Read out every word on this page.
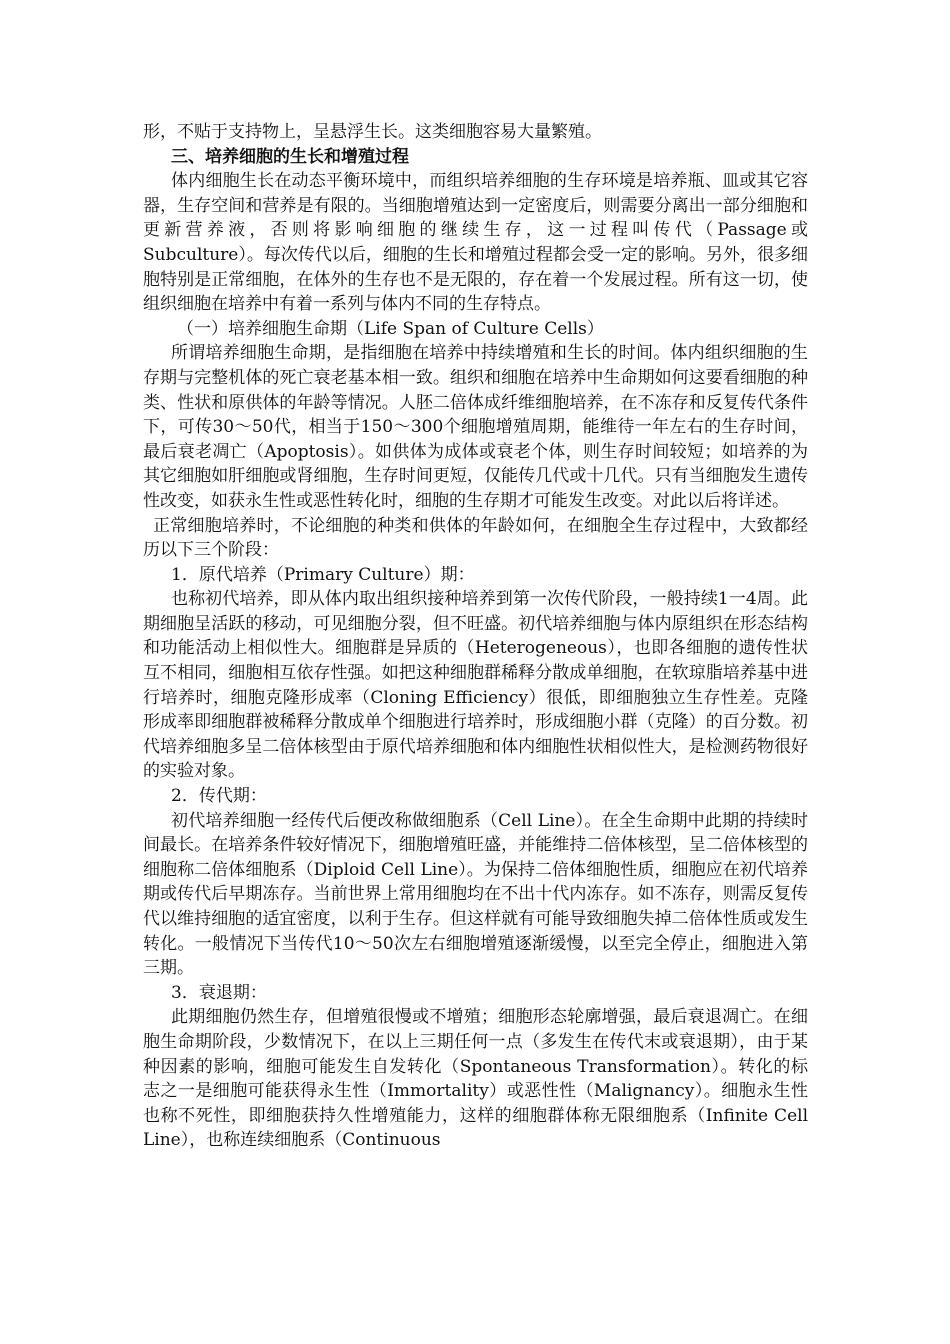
形，不贴于支持物上，呈悬浮生长。这类细胞容易大量繁殖。

三、培养细胞的生长和增殖过程

体内细胞生长在动态平衡环境中，而组织培养细胞的生存环境是培养瓶、皿或其它容器，生存空间和营养是有限的。当细胞增殖达到一定密度后，则需要分离出一部分细胞和更新营养液，否则将影响细胞的继续生存，这一过程叫传代（Passage或Subculture）。每次传代以后，细胞的生长和增殖过程都会受一定的影响。另外，很多细胞特别是正常细胞，在体外的生存也不是无限的，存在着一个发展过程。所有这一切，使组织细胞在培养中有着一系列与体内不同的生存特点。

（一）培养细胞生命期（Life Span of Culture Cells）

所谓培养细胞生命期，是指细胞在培养中持续增殖和生长的时间。体内组织细胞的生存期与完整机体的死亡衰老基本相一致。组织和细胞在培养中生命期如何这要看细胞的种类、性状和原供体的年龄等情况。人胚二倍体成纤维细胞培养，在不冻存和反复传代条件下，可传30～50代，相当于150～300个细胞增殖周期，能维待一年左右的生存时间，最后衰老凋亡（Apoptosis）。如供体为成体或衰老个体，则生存时间较短；如培养的为其它细胞如肝细胞或肾细胞，生存时间更短，仅能传几代或十几代。只有当细胞发生遗传性改变，如获永生性或恶性转化时，细胞的生存期才可能发生改变。对此以后将详述。

正常细胞培养时，不论细胞的种类和供体的年龄如何，在细胞全生存过程中，大致都经历以下三个阶段：

1．原代培养（Primary Culture）期：

也称初代培养，即从体内取出组织接种培养到第一次传代阶段，一般持续1一4周。此期细胞呈活跃的移动，可见细胞分裂，但不旺盛。初代培养细胞与体内原组织在形态结构和功能活动上相似性大。细胞群是异质的（Heterogeneous），也即各细胞的遗传性状互不相同，细胞相互依存性强。如把这种细胞群稀释分散成单细胞，在软琼脂培养基中进行培养时，细胞克隆形成率（Cloning Efficiency）很低，即细胞独立生存性差。克隆形成率即细胞群被稀释分散成单个细胞进行培养时，形成细胞小群（克隆）的百分数。初代培养细胞多呈二倍体核型由于原代培养细胞和体内细胞性状相似性大，是检测药物很好的实验对象。

2．传代期：

初代培养细胞一经传代后便改称做细胞系（Cell Line）。在全生命期中此期的持续时间最长。在培养条件较好情况下，细胞增殖旺盛，并能维持二倍体核型，呈二倍体核型的细胞称二倍体细胞系（Diploid Cell Line）。为保持二倍体细胞性质，细胞应在初代培养期或传代后早期冻存。当前世界上常用细胞均在不出十代内冻存。如不冻存，则需反复传代以维持细胞的适宜密度，以利于生存。但这样就有可能导致细胞失掉二倍体性质或发生转化。一般情况下当传代10～50次左右细胞增殖逐渐缓慢，以至完全停止，细胞进入第三期。

3．衰退期：

此期细胞仍然生存，但增殖很慢或不增殖；细胞形态轮廓增强，最后衰退凋亡。在细胞生命期阶段，少数情况下，在以上三期任何一点（多发生在传代末或衰退期），由于某种因素的影响，细胞可能发生自发转化（Spontaneous Transformation）。转化的标志之一是细胞可能获得永生性（Immortality）或恶性性（Malignancy）。细胞永生性也称不死性，即细胞获持久性增殖能力，这样的细胞群体称无限细胞系（Infinite Cell Line），也称连续细胞系（Continuous
